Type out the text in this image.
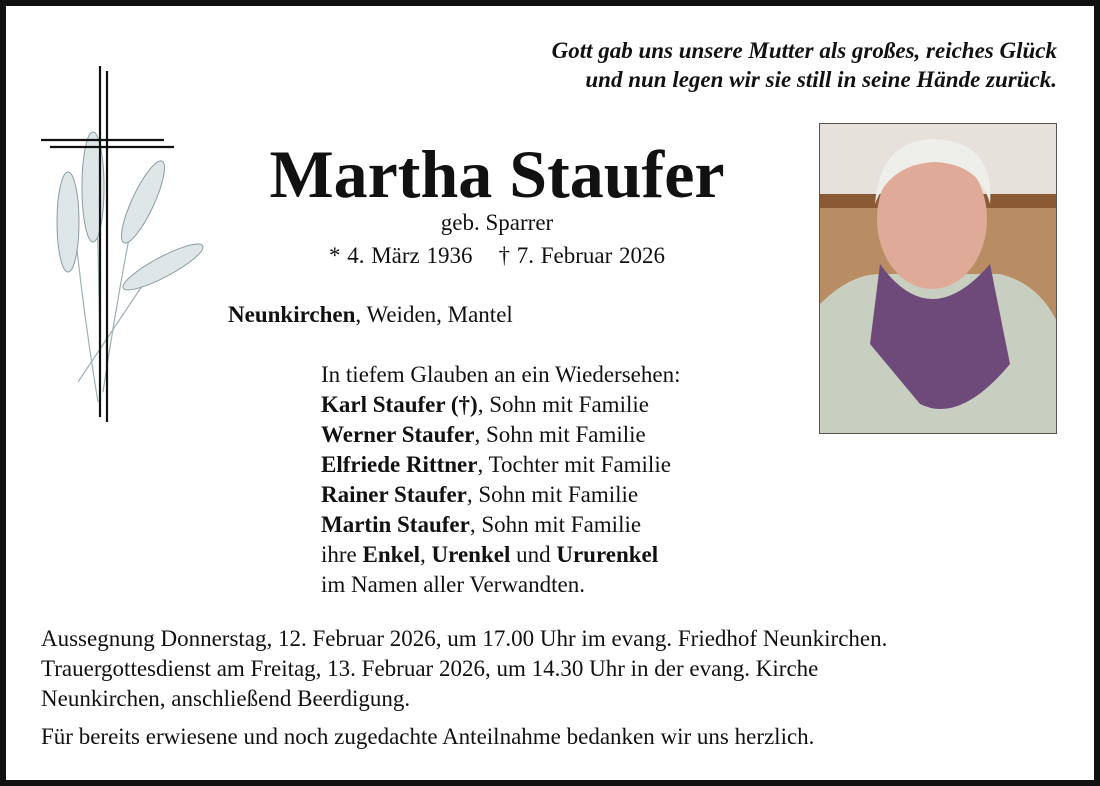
Gott gab uns unsere Mutter als großes, reiches Glück
und nun legen wir sie still in seine Hände zurück.
Martha Staufer
geb. Sparrer
* 4. März 1936 † 7. Februar 2026
Neunkirchen, Weiden, Mantel
In tiefem Glauben an ein Wiedersehen:
Karl Staufer (†), Sohn mit Familie
Werner Staufer, Sohn mit Familie
Elfriede Rittner, Tochter mit Familie
Rainer Staufer, Sohn mit Familie
Martin Staufer, Sohn mit Familie
ihre Enkel, Urenkel und Ururenkel
im Namen aller Verwandten.
Aussegnung Donnerstag, 12. Februar 2026, um 17.00 Uhr im evang. Friedhof Neunkirchen.
Trauergottesdienst am Freitag, 13. Februar 2026, um 14.30 Uhr in der evang. Kirche
Neunkirchen, anschließend Beerdigung.
Für bereits erwiesene und noch zugedachte Anteilnahme bedanken wir uns herzlich.
